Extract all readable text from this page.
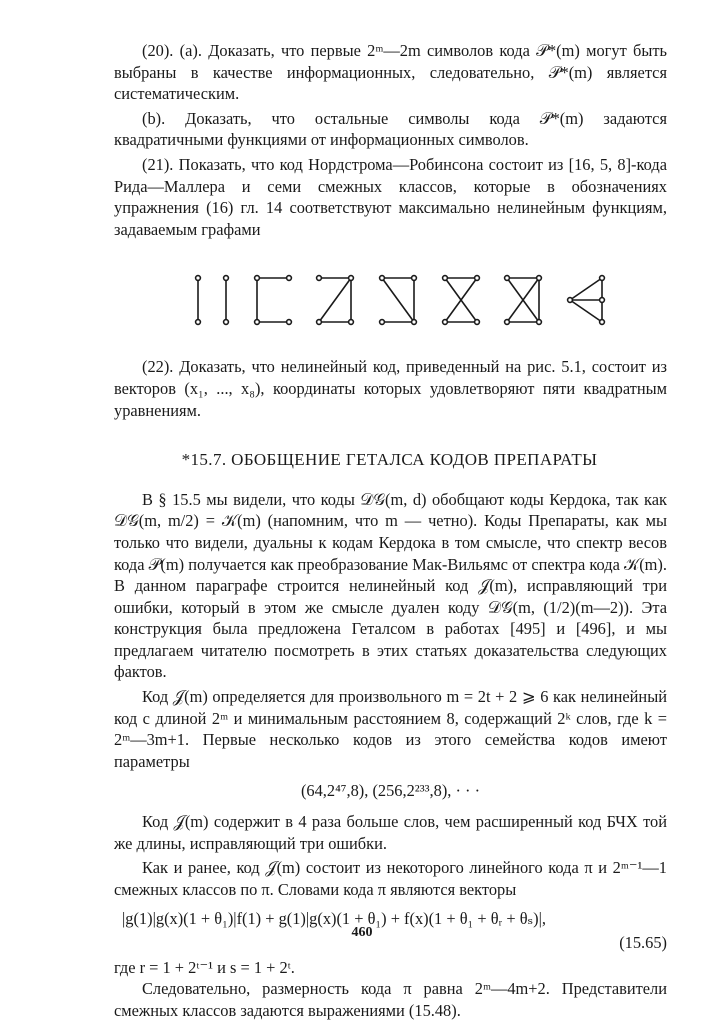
(20). (a). Доказать, что первые 2ᵐ—2m символов кода 𝒫*(m) могут быть выбраны в качестве информационных, следовательно, 𝒫*(m) является систематическим.

(b). Доказать, что остальные символы кода 𝒫*(m) задаются квадратичными функциями от информационных символов.

(21). Показать, что код Нордстрома—Робинсона состоит из [16, 5, 8]-кода Рида—Маллера и семи смежных классов, которые в обозначениях упражнения (16) гл. 14 соответствуют максимально нелинейным функциям, задаваемым графами

(22). Доказать, что нелинейный код, приведенный на рис. 5.1, состоит из векторов (x₁, ..., x₈), координаты которых удовлетворяют пяти квадратным уравнениям.

*15.7. ОБОБЩЕНИЕ ГЕТАЛСА КОДОВ ПРЕПАРАТЫ

В § 15.5 мы видели, что коды 𝒟𝒢(m, d) обобщают коды Кердока, так как 𝒟𝒢(m, m/2) = 𝒦(m) (напомним, что m — четно). Коды Препараты, как мы только что видели, дуальны к кодам Кердока в том смысле, что спектр весов кода 𝒫(m) получается как преобразование Мак-Вильямс от спектра кода 𝒦(m). В данном параграфе строится нелинейный код 𝒥(m), исправляющий три ошибки, который в этом же смысле дуален коду 𝒟𝒢(m, (1/2)(m—2)). Эта конструкция была предложена Геталсом в работах [495] и [496], и мы предлагаем читателю посмотреть в этих статьях доказательства следующих фактов.

Код 𝒥(m) определяется для произвольного m = 2t + 2 ⩾ 6 как нелинейный код с длиной 2ᵐ и минимальным расстоянием 8, содержащий 2ᵏ слов, где k = 2ᵐ—3m+1. Первые несколько кодов из этого семейства кодов имеют параметры

(64,2⁴⁷,8), (256,2²³³,8), · · ·

Код 𝒥(m) содержит в 4 раза больше слов, чем расширенный код БЧХ той же длины, исправляющий три ошибки.

Как и ранее, код 𝒥(m) состоит из некоторого линейного кода π и 2ᵐ⁻¹—1 смежных классов по π. Словами кода π являются векторы

|g(1)|g(x)(1 + θ₁)|f(1) + g(1)|g(x)(1 + θ₁) + f(x)(1 + θ₁ + θᵣ + θₛ)|,
(15.65)

где r = 1 + 2ᵗ⁻¹ и s = 1 + 2ᵗ.

Следовательно, размерность кода π равна 2ᵐ—4m+2. Представители смежных классов задаются выражениями (15.48).

460
